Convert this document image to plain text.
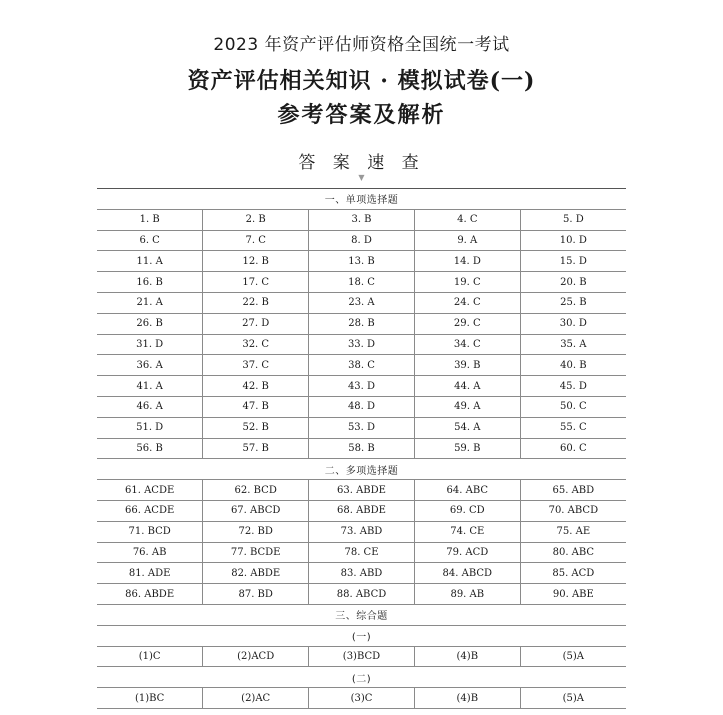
2023 年资产评估师资格全国统一考试
资产评估相关知识 · 模拟试卷(一)
参考答案及解析
答 案 速 查
▼
一、单项选择题				
1. B	2. B	3. B	4. C	5. D
6. C	7. C	8. D	9. A	10. D
11. A	12. B	13. B	14. D	15. D
16. B	17. C	18. C	19. C	20. B
21. A	22. B	23. A	24. C	25. B
26. B	27. D	28. B	29. C	30. D
31. D	32. C	33. D	34. C	35. A
36. A	37. C	38. C	39. B	40. B
41. A	42. B	43. D	44. A	45. D
46. A	47. B	48. D	49. A	50. C
51. D	52. B	53. D	54. A	55. C
56. B	57. B	58. B	59. B	60. C
二、多项选择题				
61. ACDE	62. BCD	63. ABDE	64. ABC	65. ABD
66. ACDE	67. ABCD	68. ABDE	69. CD	70. ABCD
71. BCD	72. BD	73. ABD	74. CE	75. AE
76. AB	77. BCDE	78. CE	79. ACD	80. ABC
81. ADE	82. ABDE	83. ABD	84. ABCD	85. ACD
86. ABDE	87. BD	88. ABCD	89. AB	90. ABE
三、综合题				
(一)				
(1)C	(2)ACD	(3)BCD	(4)B	(5)A
(二)				
(1)BC	(2)AC	(3)C	(4)B	(5)A
